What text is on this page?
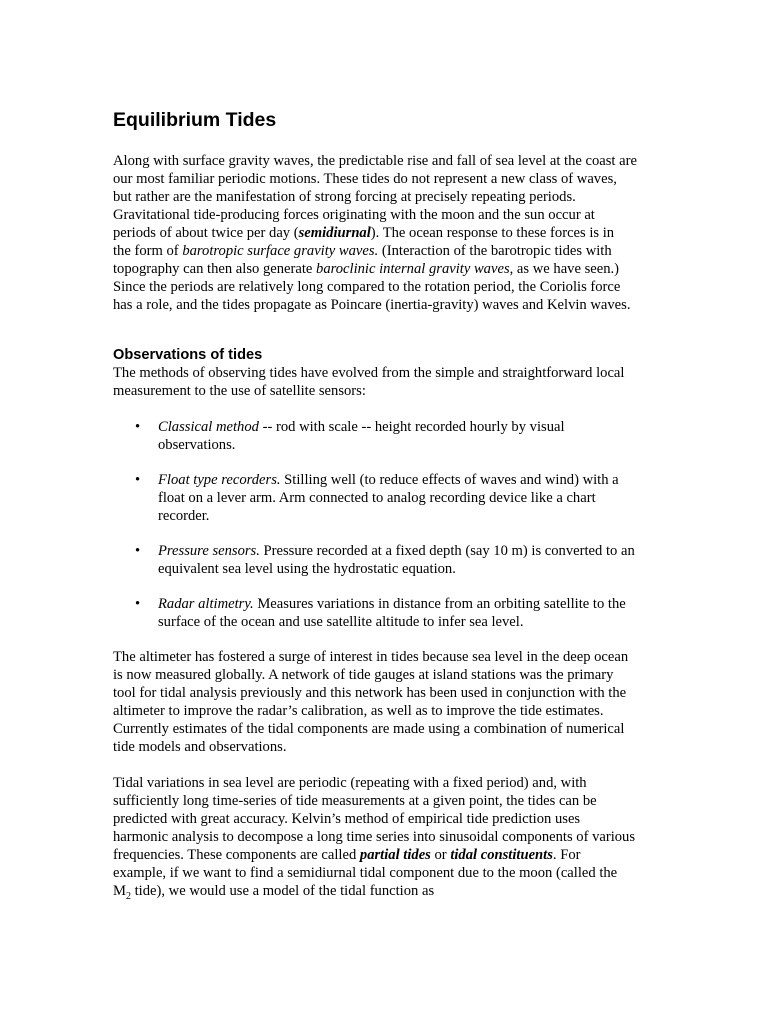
Equilibrium Tides

Along with surface gravity waves, the predictable rise and fall of sea level at the coast are
our most familiar periodic motions. These tides do not represent a new class of waves,
but rather are the manifestation of strong forcing at precisely repeating periods.
Gravitational tide-producing forces originating with the moon and the sun occur at
periods of about twice per day (semidiurnal). The ocean response to these forces is in
the form of barotropic surface gravity waves. (Interaction of the barotropic tides with
topography can then also generate baroclinic internal gravity waves, as we have seen.)
Since the periods are relatively long compared to the rotation period, the Coriolis force
has a role, and the tides propagate as Poincare (inertia-gravity) waves and Kelvin waves.

Observations of tides

The methods of observing tides have evolved from the simple and straightforward local
measurement to the use of satellite sensors:

• Classical method -- rod with scale -- height recorded hourly by visual
observations.
• Float type recorders. Stilling well (to reduce effects of waves and wind) with a
float on a lever arm. Arm connected to analog recording device like a chart
recorder.
• Pressure sensors. Pressure recorded at a fixed depth (say 10 m) is converted to an
equivalent sea level using the hydrostatic equation.
• Radar altimetry. Measures variations in distance from an orbiting satellite to the
surface of the ocean and use satellite altitude to infer sea level.

The altimeter has fostered a surge of interest in tides because sea level in the deep ocean
is now measured globally. A network of tide gauges at island stations was the primary
tool for tidal analysis previously and this network has been used in conjunction with the
altimeter to improve the radar’s calibration, as well as to improve the tide estimates.
Currently estimates of the tidal components are made using a combination of numerical
tide models and observations.

Tidal variations in sea level are periodic (repeating with a fixed period) and, with
sufficiently long time-series of tide measurements at a given point, the tides can be
predicted with great accuracy. Kelvin’s method of empirical tide prediction uses
harmonic analysis to decompose a long time series into sinusoidal components of various
frequencies. These components are called partial tides or tidal constituents. For
example, if we want to find a semidiurnal tidal component due to the moon (called the
$M_2$ tide), we would use a model of the tidal function as
